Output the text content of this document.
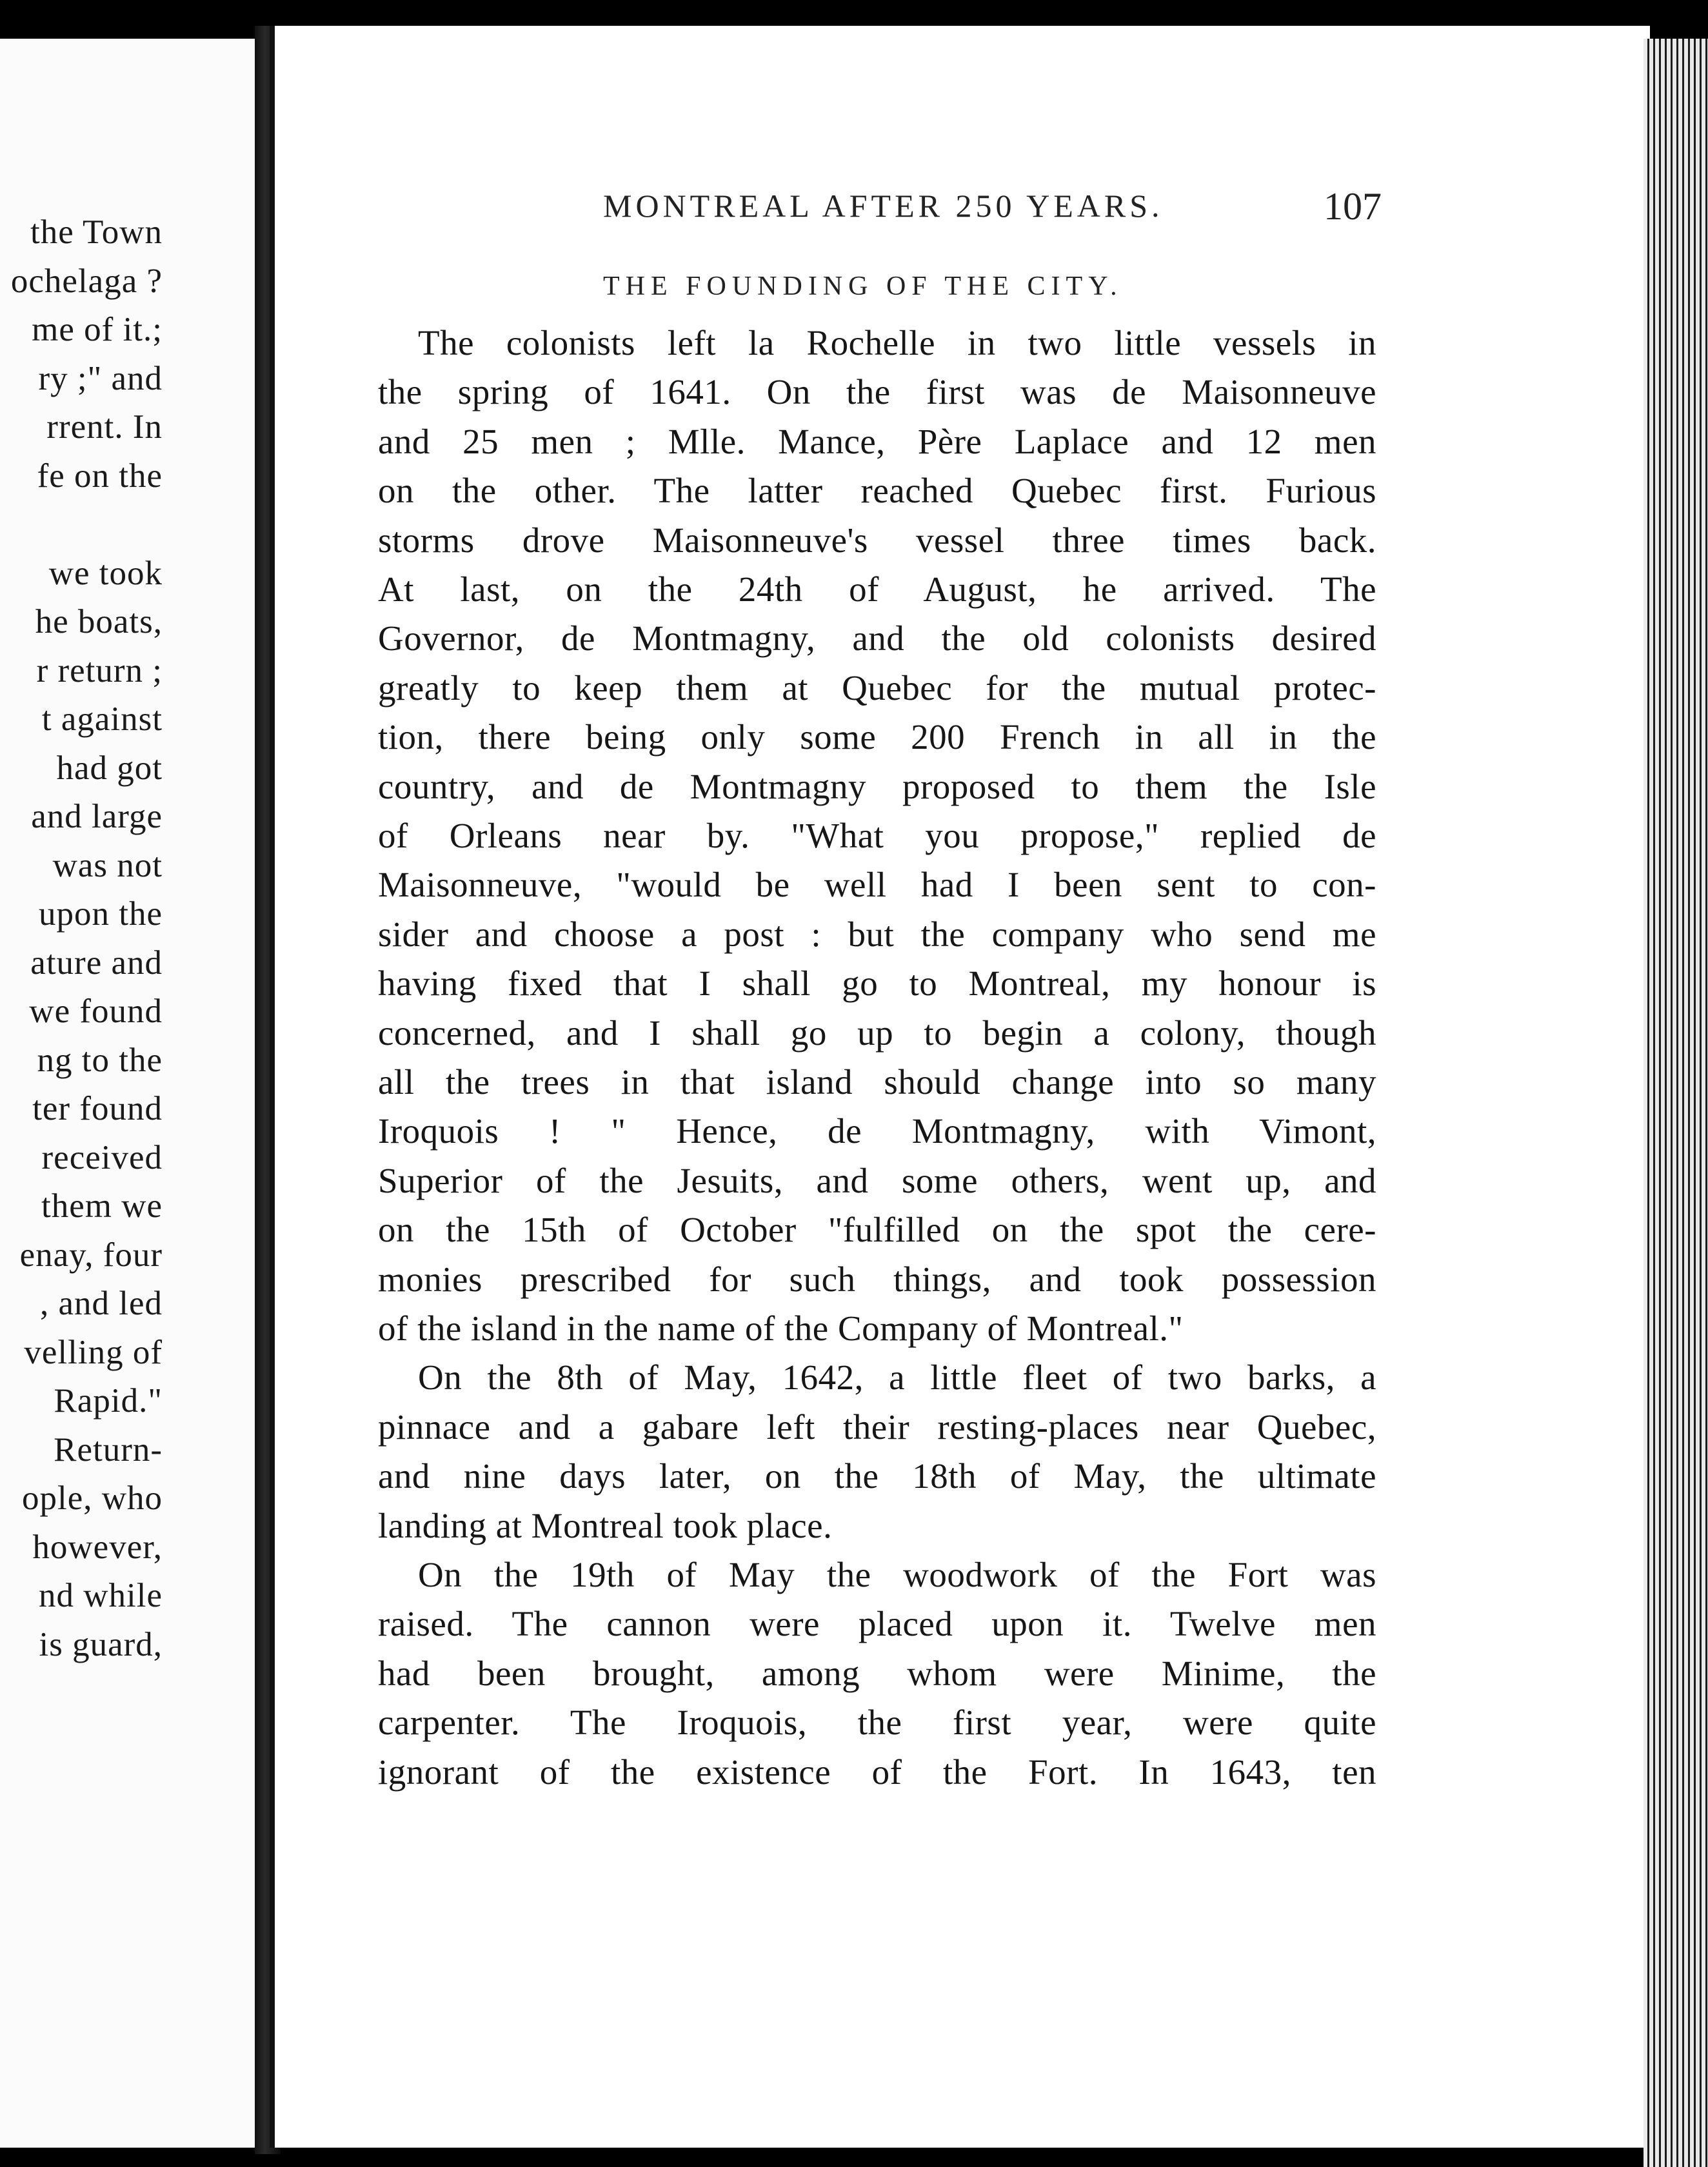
the Town
ochelaga ?
me of it.;
ry ;" and
rrent. In
fe on the
we took
he boats,
r return ;
t against
had got
and large
was not
upon the
ature and
we found
ng to the
ter found
received
them we
enay, four
, and led
velling of
Rapid."
Return-
ople, who
however,
nd while
is guard,
MONTREAL AFTER 250 YEARS.	107
THE FOUNDING OF THE CITY.
The colonists left la Rochelle in two little vessels in
the spring of 1641. On the first was de Maisonneuve
and 25 men ; Mlle. Mance, Père Laplace and 12 men
on the other. The latter reached Quebec first. Furious
storms drove Maisonneuve's vessel three times back.
At last, on the 24th of August, he arrived. The
Governor, de Montmagny, and the old colonists desired
greatly to keep them at Quebec for the mutual protec-
tion, there being only some 200 French in all in the
country, and de Montmagny proposed to them the Isle
of Orleans near by. "What you propose," replied de
Maisonneuve, "would be well had I been sent to con-
sider and choose a post : but the company who send me
having fixed that I shall go to Montreal, my honour is
concerned, and I shall go up to begin a colony, though
all the trees in that island should change into so many
Iroquois ! " Hence, de Montmagny, with Vimont,
Superior of the Jesuits, and some others, went up, and
on the 15th of October "fulfilled on the spot the cere-
monies prescribed for such things, and took possession
of the island in the name of the Company of Montreal."
On the 8th of May, 1642, a little fleet of two barks, a
pinnace and a gabare left their resting-places near Quebec,
and nine days later, on the 18th of May, the ultimate
landing at Montreal took place.
On the 19th of May the woodwork of the Fort was
raised. The cannon were placed upon it. Twelve men
had been brought, among whom were Minime, the
carpenter. The Iroquois, the first year, were quite
ignorant of the existence of the Fort. In 1643, ten
